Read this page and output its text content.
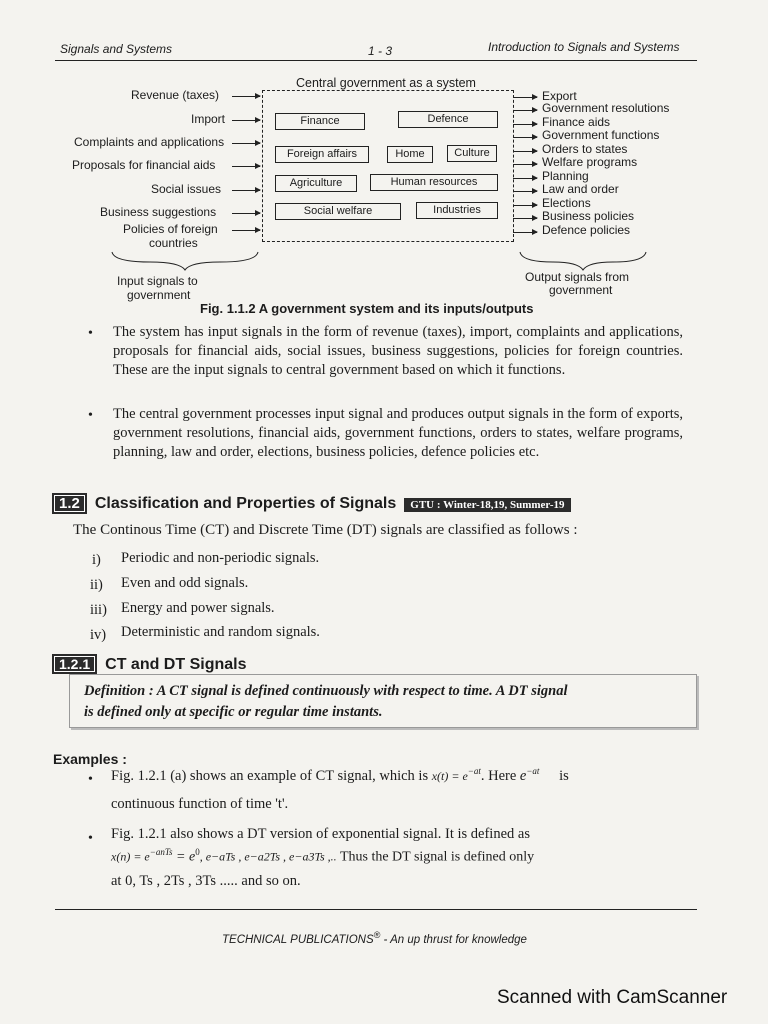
Signals and Systems	1 - 3	Introduction to Signals and Systems
Central government as a system
Revenue (taxes)
Import
Complaints and applications
Proposals for financial aids
Social issues
Business suggestions
Policies of foreign
countries
Finance	Defence
Foreign affairs	Home	Culture
Agriculture	Human resources
Social welfare	Industries
Export
Government resolutions
Finance aids
Government functions
Orders to states
Welfare programs
Planning
Law and order
Elections
Business policies
Defence policies
Input signals to
government
Output signals from
government
Fig. 1.1.2 A government system and its inputs/outputs
• The system has input signals in the form of revenue (taxes), import, complaints and applications, proposals for financial aids, social issues, business suggestions, policies for foreign countries. These are the input signals to central government based on which it functions.
• The central government processes input signal and produces output signals in the form of exports, government resolutions, financial aids, government functions, orders to states, welfare programs, planning, law and order, elections, business policies, defence policies etc.
1.2 Classification and Properties of Signals GTU : Winter-18,19, Summer-19
The Continous Time (CT) and Discrete Time (DT) signals are classified as follows :
i) Periodic and non-periodic signals.
ii) Even and odd signals.
iii) Energy and power signals.
iv) Deterministic and random signals.
1.2.1 CT and DT Signals
Definition : A CT signal is defined continuously with respect to time. A DT signal
is defined only at specific or regular time instants.
Examples :
• Fig. 1.2.1 (a) shows an example of CT signal, which is $x(t) = e^{-at}$. Here $e^{-at}$ is
continuous function of time 't'.
• Fig. 1.2.1 also shows a DT version of exponential signal. It is defined as
$x(n) = e^{-anTs} = e^0$, e−aTs , e−a2Ts , e−a3Ts ,.. Thus the DT signal is defined only
at 0, Ts , 2Ts , 3Ts ..... and so on.
TECHNICAL PUBLICATIONS® - An up thrust for knowledge
Scanned with CamScanner
